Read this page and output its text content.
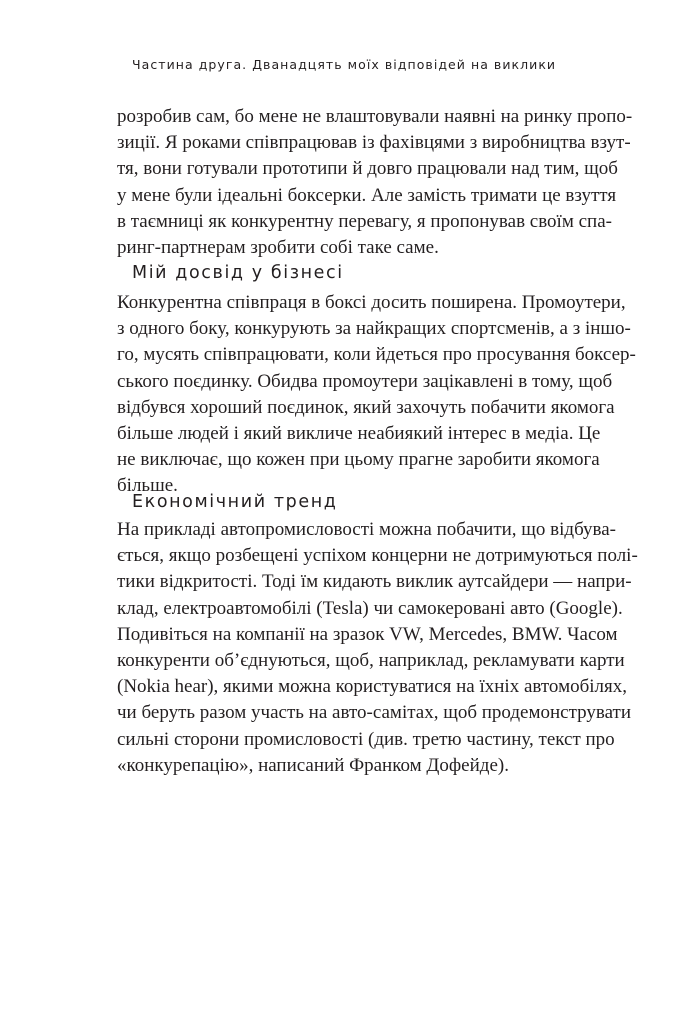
Частина друга. Дванадцять моїх відповідей на виклики

розробив сам, бо мене не влаштовували наявні на ринку пропо-
зиції. Я роками співпрацював із фахівцями з виробництва взут-
тя, вони готували прототипи й довго працювали над тим, щоб
у мене були ідеальні боксерки. Але замість тримати це взуття
в таємниці як конкурентну перевагу, я пропонував своїм спа-
ринг-партнерам зробити собі таке саме.

Мій досвід у бізнесі

Конкурентна співпраця в боксі досить поширена. Промоутери,
з одного боку, конкурують за найкращих спортсменів, а з іншо-
го, мусять співпрацювати, коли йдеться про просування боксер-
ського поєдинку. Обидва промоутери зацікавлені в тому, щоб
відбувся хороший поєдинок, який захочуть побачити якомога
більше людей і який викличе неабиякий інтерес в медіа. Це
не виключає, що кожен при цьому прагне заробити якомога
більше.

Економічний тренд

На прикладі автопромисловості можна побачити, що відбува-
ється, якщо розбещені успіхом концерни не дотримуються полі-
тики відкритості. Тоді їм кидають виклик аутсайдери — напри-
клад, електроавтомобілі (Tesla) чи самокеровані авто (Google).
Подивіться на компанії на зразок VW, Mercedes, BMW. Часом
конкуренти об’єднуються, щоб, наприклад, рекламувати карти
(Nokia hear), якими можна користуватися на їхніх автомобілях,
чи беруть разом участь на авто-самітах, щоб продемонструвати
сильні сторони промисловості (див. третю частину, текст про
«конкурепацію», написаний Франком Дофейде).
